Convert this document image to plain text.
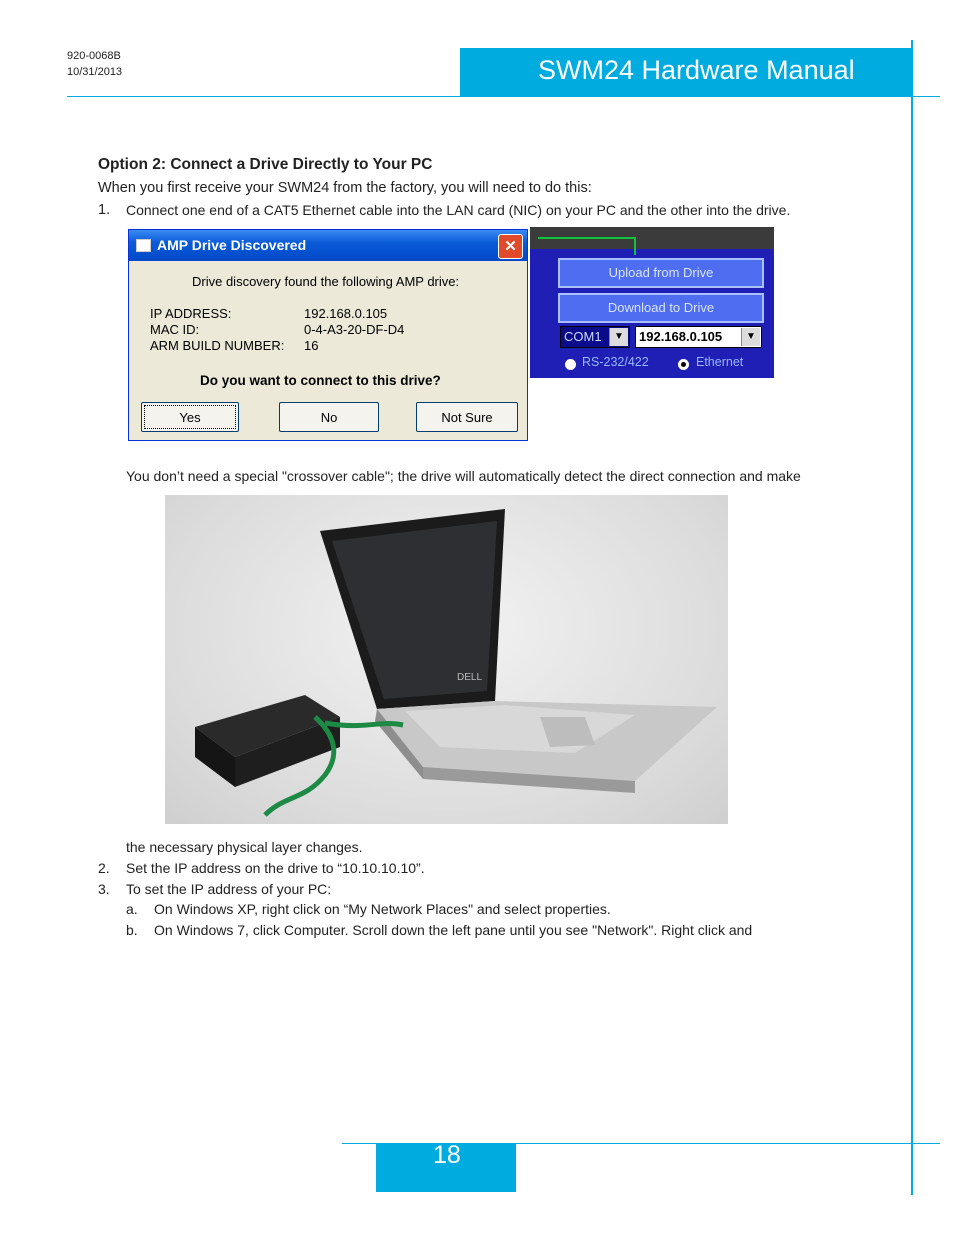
920-0068B
10/31/2013	SWM24 Hardware Manual
Option 2: Connect a Drive Directly to Your PC
When you first receive your SWM24 from the factory, you will need to do this:
1. Connect one end of a CAT5 Ethernet cable into the LAN card (NIC) on your PC and the other into the drive.
AMP Drive Discovered	✕
Drive discovery found the following AMP drive:
IP ADDRESS:	192.168.0.105
MAC ID:	0-4-A3-20-DF-D4
ARM BUILD NUMBER: 16
Do you want to connect to this drive?
Yes	No	Not Sure
Upload from Drive
Download to Drive
COM1	▼	192.168.0.105	▼
RS-232/422	Ethernet
You don’t need a special "crossover cable"; the drive will automatically detect the direct connection and make
DELL
the necessary physical layer changes.
2. Set the IP address on the drive to “10.10.10.10”.
3. To set the IP address of your PC:
a. On Windows XP, right click on “My Network Places" and select properties.
b. On Windows 7, click Computer. Scroll down the left pane until you see "Network". Right click and
18
